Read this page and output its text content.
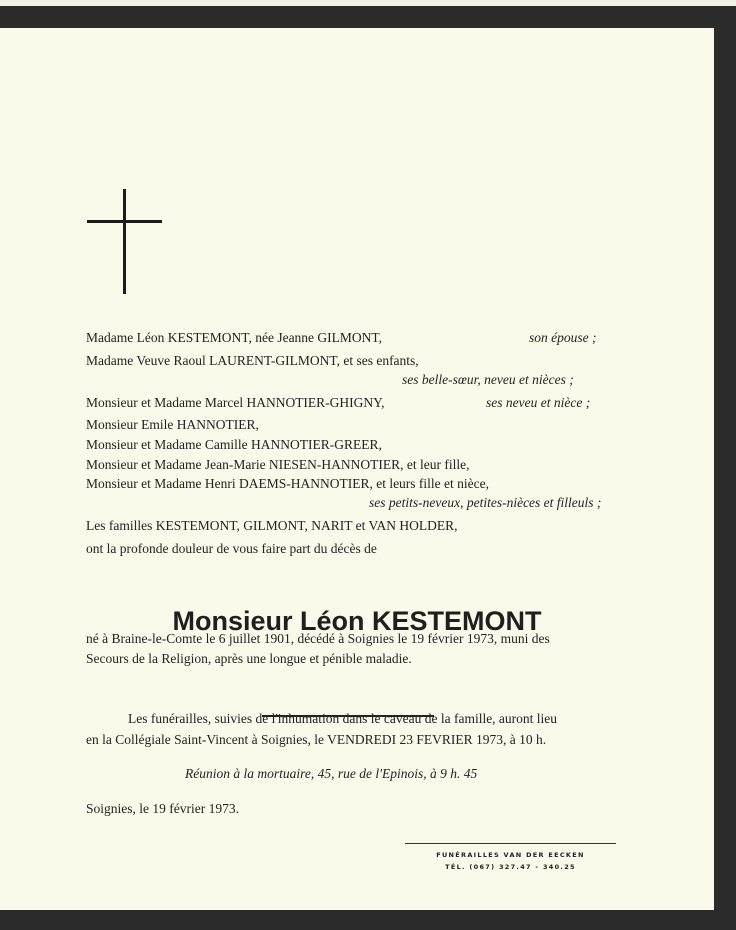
Madame Léon KESTEMONT, née Jeanne GILMONT,	son épouse ;
Madame Veuve Raoul LAURENT-GILMONT, et ses enfants,
ses belle-sœur, neveu et nièces ;
Monsieur et Madame Marcel HANNOTIER-GHIGNY,	ses neveu et nièce ;
Monsieur Emile HANNOTIER,
Monsieur et Madame Camille HANNOTIER-GREER,
Monsieur et Madame Jean-Marie NIESEN-HANNOTIER, et leur fille,
Monsieur et Madame Henri DAEMS-HANNOTIER, et leurs fille et nièce,
ses petits-neveux, petites-nièces et filleuls ;
Les familles KESTEMONT, GILMONT, NARIT et VAN HOLDER,
ont la profonde douleur de vous faire part du décès de
Monsieur Léon KESTEMONT
né à Braine-le-Comte le 6 juillet 1901, décédé à Soignies le 19 février 1973, muni des
Secours de la Religion, après une longue et pénible maladie.
Les funérailles, suivies de l'inhumation dans le caveau de la famille, auront lieu
en la Collégiale Saint-Vincent à Soignies, le VENDREDI 23 FEVRIER 1973, à 10 h.
Réunion à la mortuaire, 45, rue de l'Epinois, à 9 h. 45
Soignies, le 19 février 1973.
FUNÉRAILLES VAN DER EECKEN
TÉL. (067) 327.47 - 340.25
